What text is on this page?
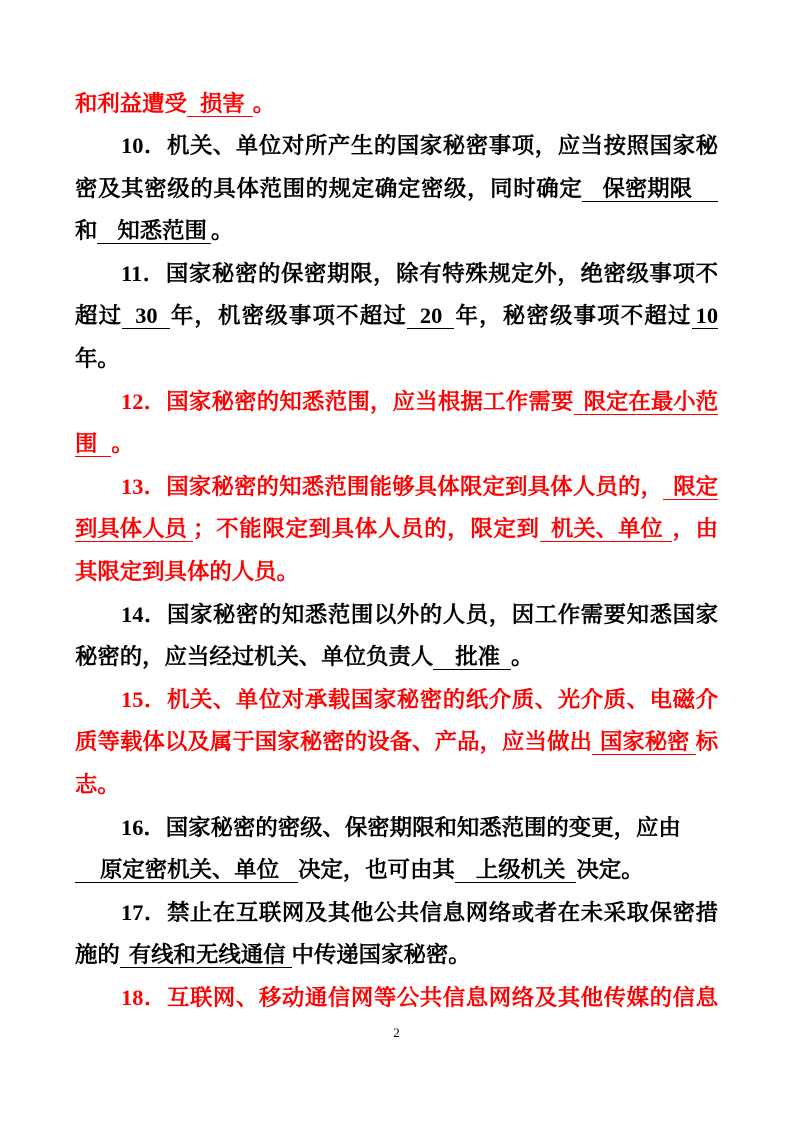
和利益遭受 损害 。
10．机关、单位对所产生的国家秘密事项，应当按照国家秘
密及其密级的具体范围的规定确定密级，同时确定 保密期限
和 知悉范围 。
11．国家秘密的保密期限，除有特殊规定外，绝密级事项不
超过 30 年，机密级事项不超过 20 年，秘密级事项不超过 10
年。
12．国家秘密的知悉范围，应当根据工作需要 限定在最小范
围 。
13．国家秘密的知悉范围能够具体限定到具体人员的， 限定
到具体人员 ；不能限定到具体人员的，限定到 机关、单位 ，由
其限定到具体的人员。
14．国家秘密的知悉范围以外的人员，因工作需要知悉国家
秘密的，应当经过机关、单位负责人 批准 。
15．机关、单位对承载国家秘密的纸介质、光介质、电磁介
质等载体以及属于国家秘密的设备、产品，应当做出 国家秘密 标
志。
16．国家秘密的密级、保密期限和知悉范围的变更，应由
原定密机关、单位 决定，也可由其 上级机关 决定。
17．禁止在互联网及其他公共信息网络或者在未采取保密措
施的 有线和无线通信 中传递国家秘密。
18．互联网、移动通信网等公共信息网络及其他传媒的信息
2
